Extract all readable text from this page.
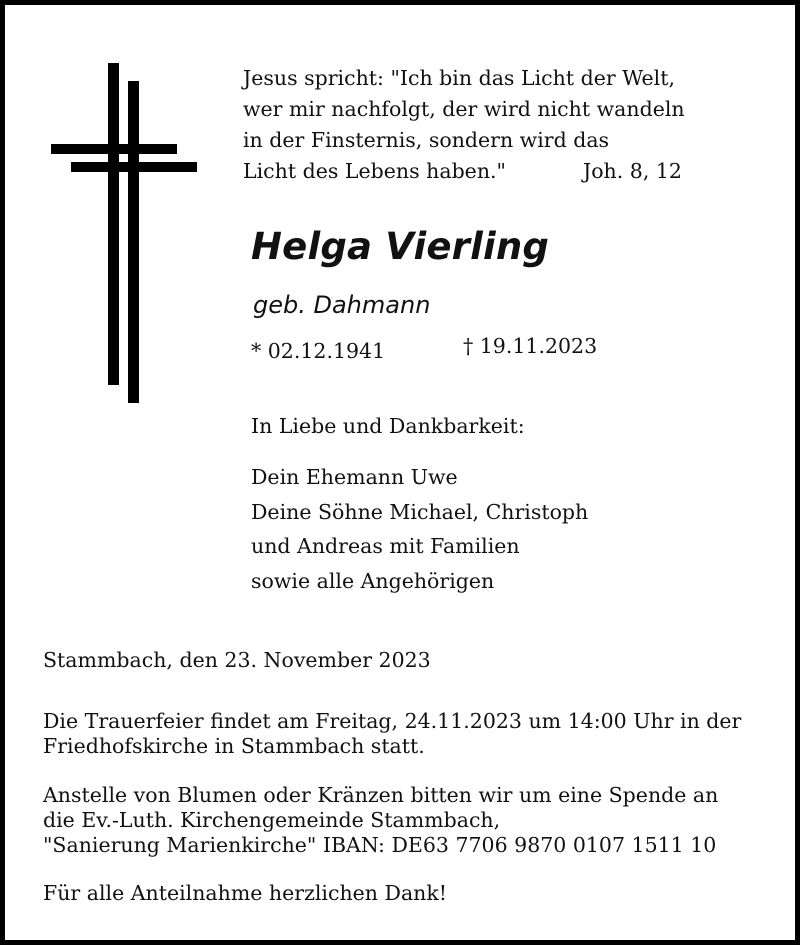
Jesus spricht: "Ich bin das Licht der Welt,
wer mir nachfolgt, der wird nicht wandeln
in der Finsternis, sondern wird das
Licht des Lebens haben."	Joh. 8, 12
Helga Vierling
geb. Dahmann
* 02.12.1941	† 19.11.2023
In Liebe und Dankbarkeit:
Dein Ehemann Uwe
Deine Söhne Michael, Christoph
und Andreas mit Familien
sowie alle Angehörigen
Stammbach, den 23. November 2023
Die Trauerfeier findet am Freitag, 24.11.2023 um 14:00 Uhr in der
Friedhofskirche in Stammbach statt.
Anstelle von Blumen oder Kränzen bitten wir um eine Spende an
die Ev.-Luth. Kirchengemeinde Stammbach,
"Sanierung Marienkirche" IBAN: DE63 7706 9870 0107 1511 10
Für alle Anteilnahme herzlichen Dank!
